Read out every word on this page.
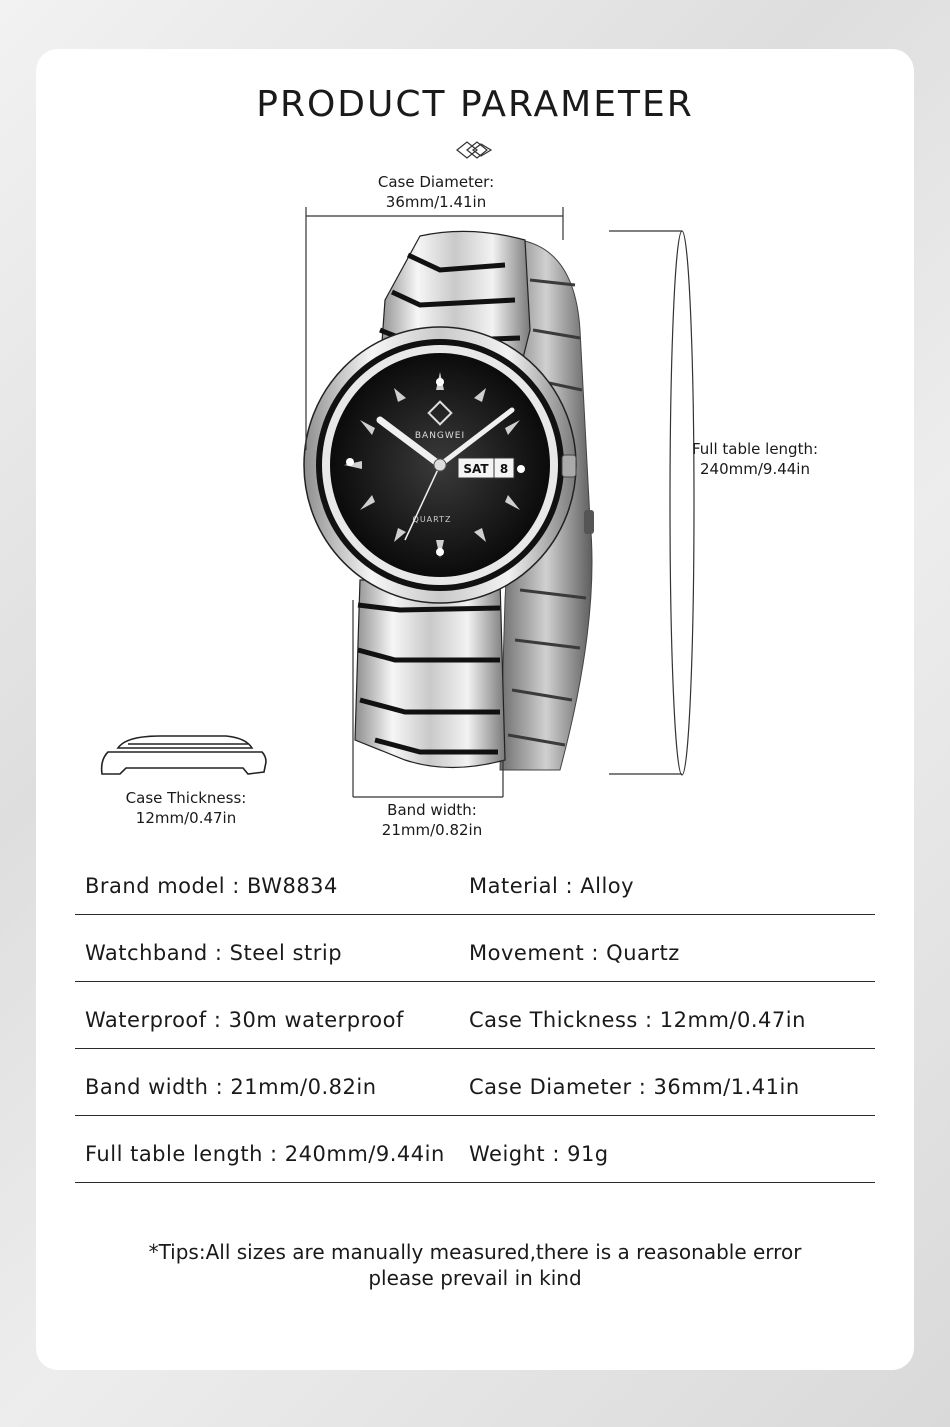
PRODUCT PARAMETER
SAT 8
BANGWEI
QUARTZ
Case Diameter:
36mm/1.41in
Full table length:
240mm/9.44in
Case Thickness:
12mm/0.47in	Band width:
21mm/0.82in
Brand model : BW8834	Material : Alloy
Watchband : Steel strip	Movement : Quartz
Waterproof : 30m waterproof	Case Thickness : 12mm/0.47in
Band width : 21mm/0.82in	Case Diameter : 36mm/1.41in
Full table length : 240mm/9.44in Weight : 91g
*Tips:All sizes are manually measured,there is a reasonable error
please prevail in kind
